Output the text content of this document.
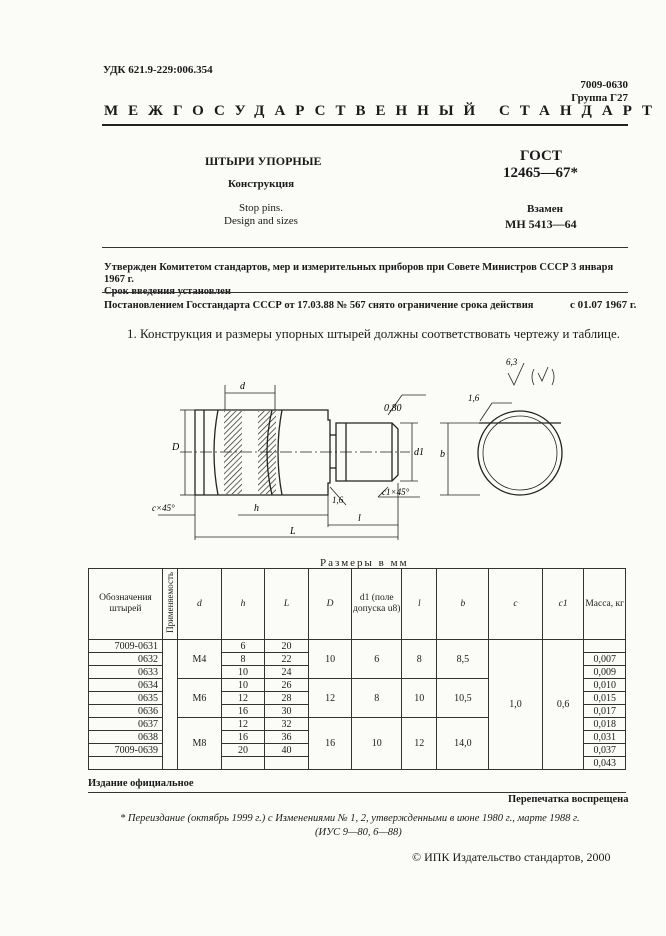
УДК 621.9-229:006.354
7009-0630
Группа Г27
МЕЖГОСУДАРСТВЕННЫЙ СТАНДАРТ
ШТЫРИ УПОРНЫЕ
Конструкция
Stop pins.
Design and sizes
ГОСТ
12465—67*
Взамен
МН 5413—64
Утвержден Комитетом стандартов, мер и измерительных приборов при Совете Министров СССР 3 января 1967 г.
Срок введения установлен
Постановлением Госстандарта СССР от 17.03.88 № 567 снято ограничение срока действия	с 01.07 1967 г.
1. Конструкция и размеры упорных штырей должны соответствовать чертежу и таблице.
d
D
0,80
d1
1,6
c×45°
c1×45°
h
l
L
b
1,6
6,3
Размеры в мм
Обозначения штырей	Применяемость	d	h	L	D	d1 (поле допуска u8)	l	b	c	c1	Масса, кг
7009-0631		M4	6	20	10	6	8	8,5	1,0	0,6	
0632			8	22							0,007
0633			10	24							0,009
0634		M6	10	26	12	8	10	10,5			0,010
0635			12	28							0,015
0636			16	30							0,017
0637		M8	12	32	16	10	12	14,0			0,018
0638			16	36							0,031
7009-0639			20	40							0,037
											0,043
Издание официальное
Перепечатка воспрещена
* Переиздание (октябрь 1999 г.) с Изменениями № 1, 2, утвержденными в июне 1980 г., марте 1988 г.
(ИУС 9—80, 6—88)
© ИПК Издательство стандартов, 2000
